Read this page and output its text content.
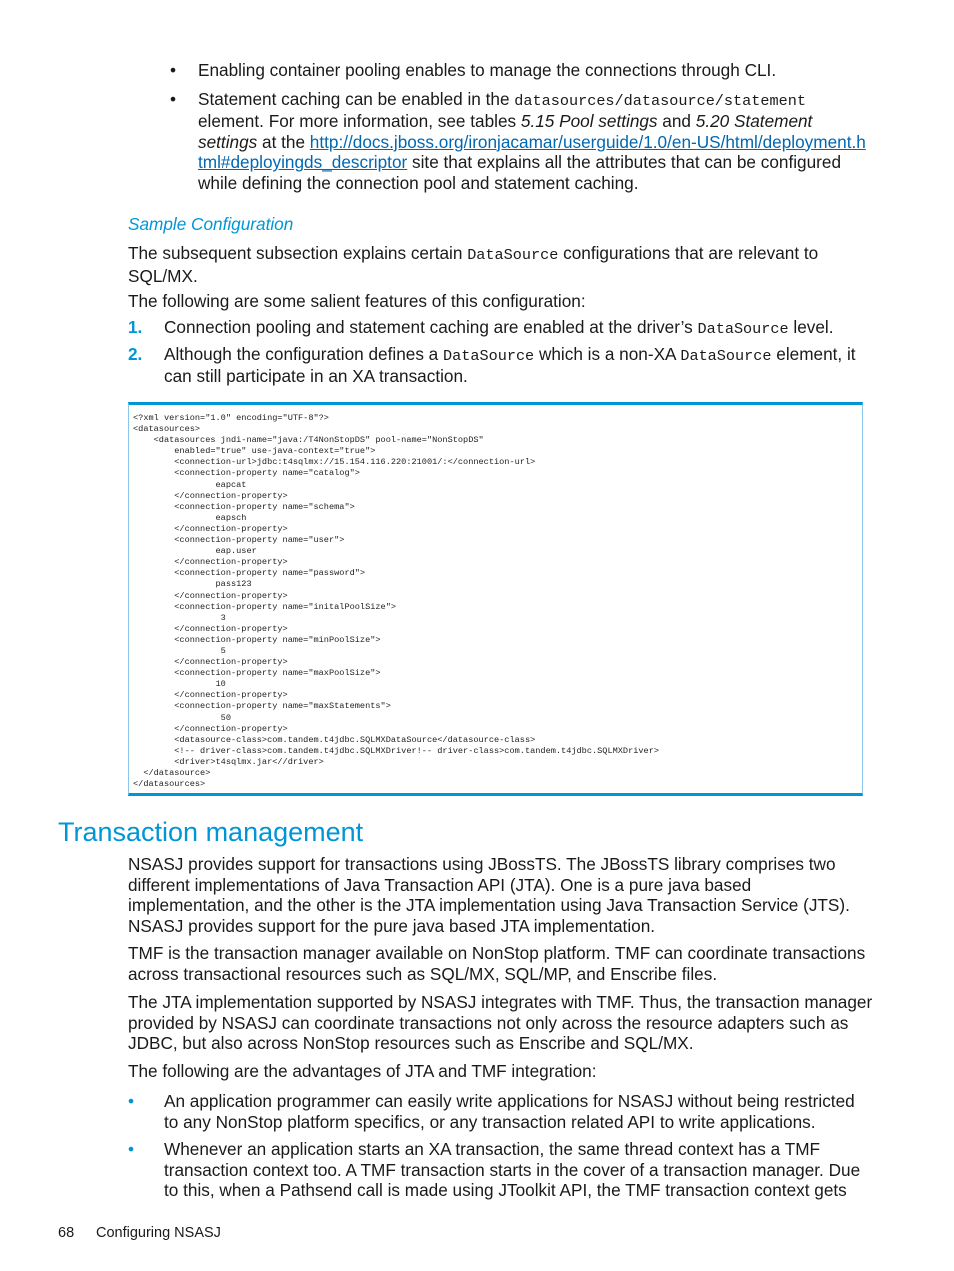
• Enabling container pooling enables to manage the connections through CLI.
• Statement caching can be enabled in the datasources/datasource/statement element. For more information, see tables 5.15 Pool settings and 5.20 Statement settings at the http://docs.jboss.org/ironjacamar/userguide/1.0/en-US/html/deployment.html#deployingds_descriptor site that explains all the attributes that can be configured while defining the connection pool and statement caching.
Sample Configuration

The subsequent subsection explains certain DataSource configurations that are relevant to SQL/MX.

The following are some salient features of this configuration:

1. Connection pooling and statement caching are enabled at the driver’s DataSource level.
2. Although the configuration defines a DataSource which is a non-XA DataSource element, it can still participate in an XA transaction.
<?xml version="1.0" encoding="UTF-8"?>
<datasources>
<datasources jndi-name="java:/T4NonStopDS" pool-name="NonStopDS"
enabled="true" use-java-context="true">
<connection-url>jdbc:t4sqlmx://15.154.116.220:21001/:</connection-url>
<connection-property name="catalog">
eapcat
</connection-property>
<connection-property name="schema">
eapsch
</connection-property>
<connection-property name="user">
eap.user
</connection-property>
<connection-property name="password">
pass123
</connection-property>
<connection-property name="initalPoolSize">
3
</connection-property>
<connection-property name="minPoolSize">
5
</connection-property>
<connection-property name="maxPoolSize">
10
</connection-property>
<connection-property name="maxStatements">
50
</connection-property>
<datasource-class>com.tandem.t4jdbc.SQLMXDataSource</datasource-class>
<!-- driver-class>com.tandem.t4jdbc.SQLMXDriver!-- driver-class>com.tandem.t4jdbc.SQLMXDriver>
<driver>t4sqlmx.jar<//driver>
</datasource>
</datasources>
Transaction management

NSASJ provides support for transactions using JBossTS. The JBossTS library comprises two different implementations of Java Transaction API (JTA). One is a pure java based implementation, and the other is the JTA implementation using Java Transaction Service (JTS). NSASJ provides support for the pure java based JTA implementation.

TMF is the transaction manager available on NonStop platform. TMF can coordinate transactions across transactional resources such as SQL/MX, SQL/MP, and Enscribe files.

The JTA implementation supported by NSASJ integrates with TMF. Thus, the transaction manager provided by NSASJ can coordinate transactions not only across the resource adapters such as JDBC, but also across NonStop resources such as Enscribe and SQL/MX.

The following are the advantages of JTA and TMF integration:

• An application programmer can easily write applications for NSASJ without being restricted to any NonStop platform specifics, or any transaction related API to write applications.
• Whenever an application starts an XA transaction, the same thread context has a TMF transaction context too. A TMF transaction starts in the cover of a transaction manager. Due to this, when a Pathsend call is made using JToolkit API, the TMF transaction context gets
68 Configuring NSASJ
